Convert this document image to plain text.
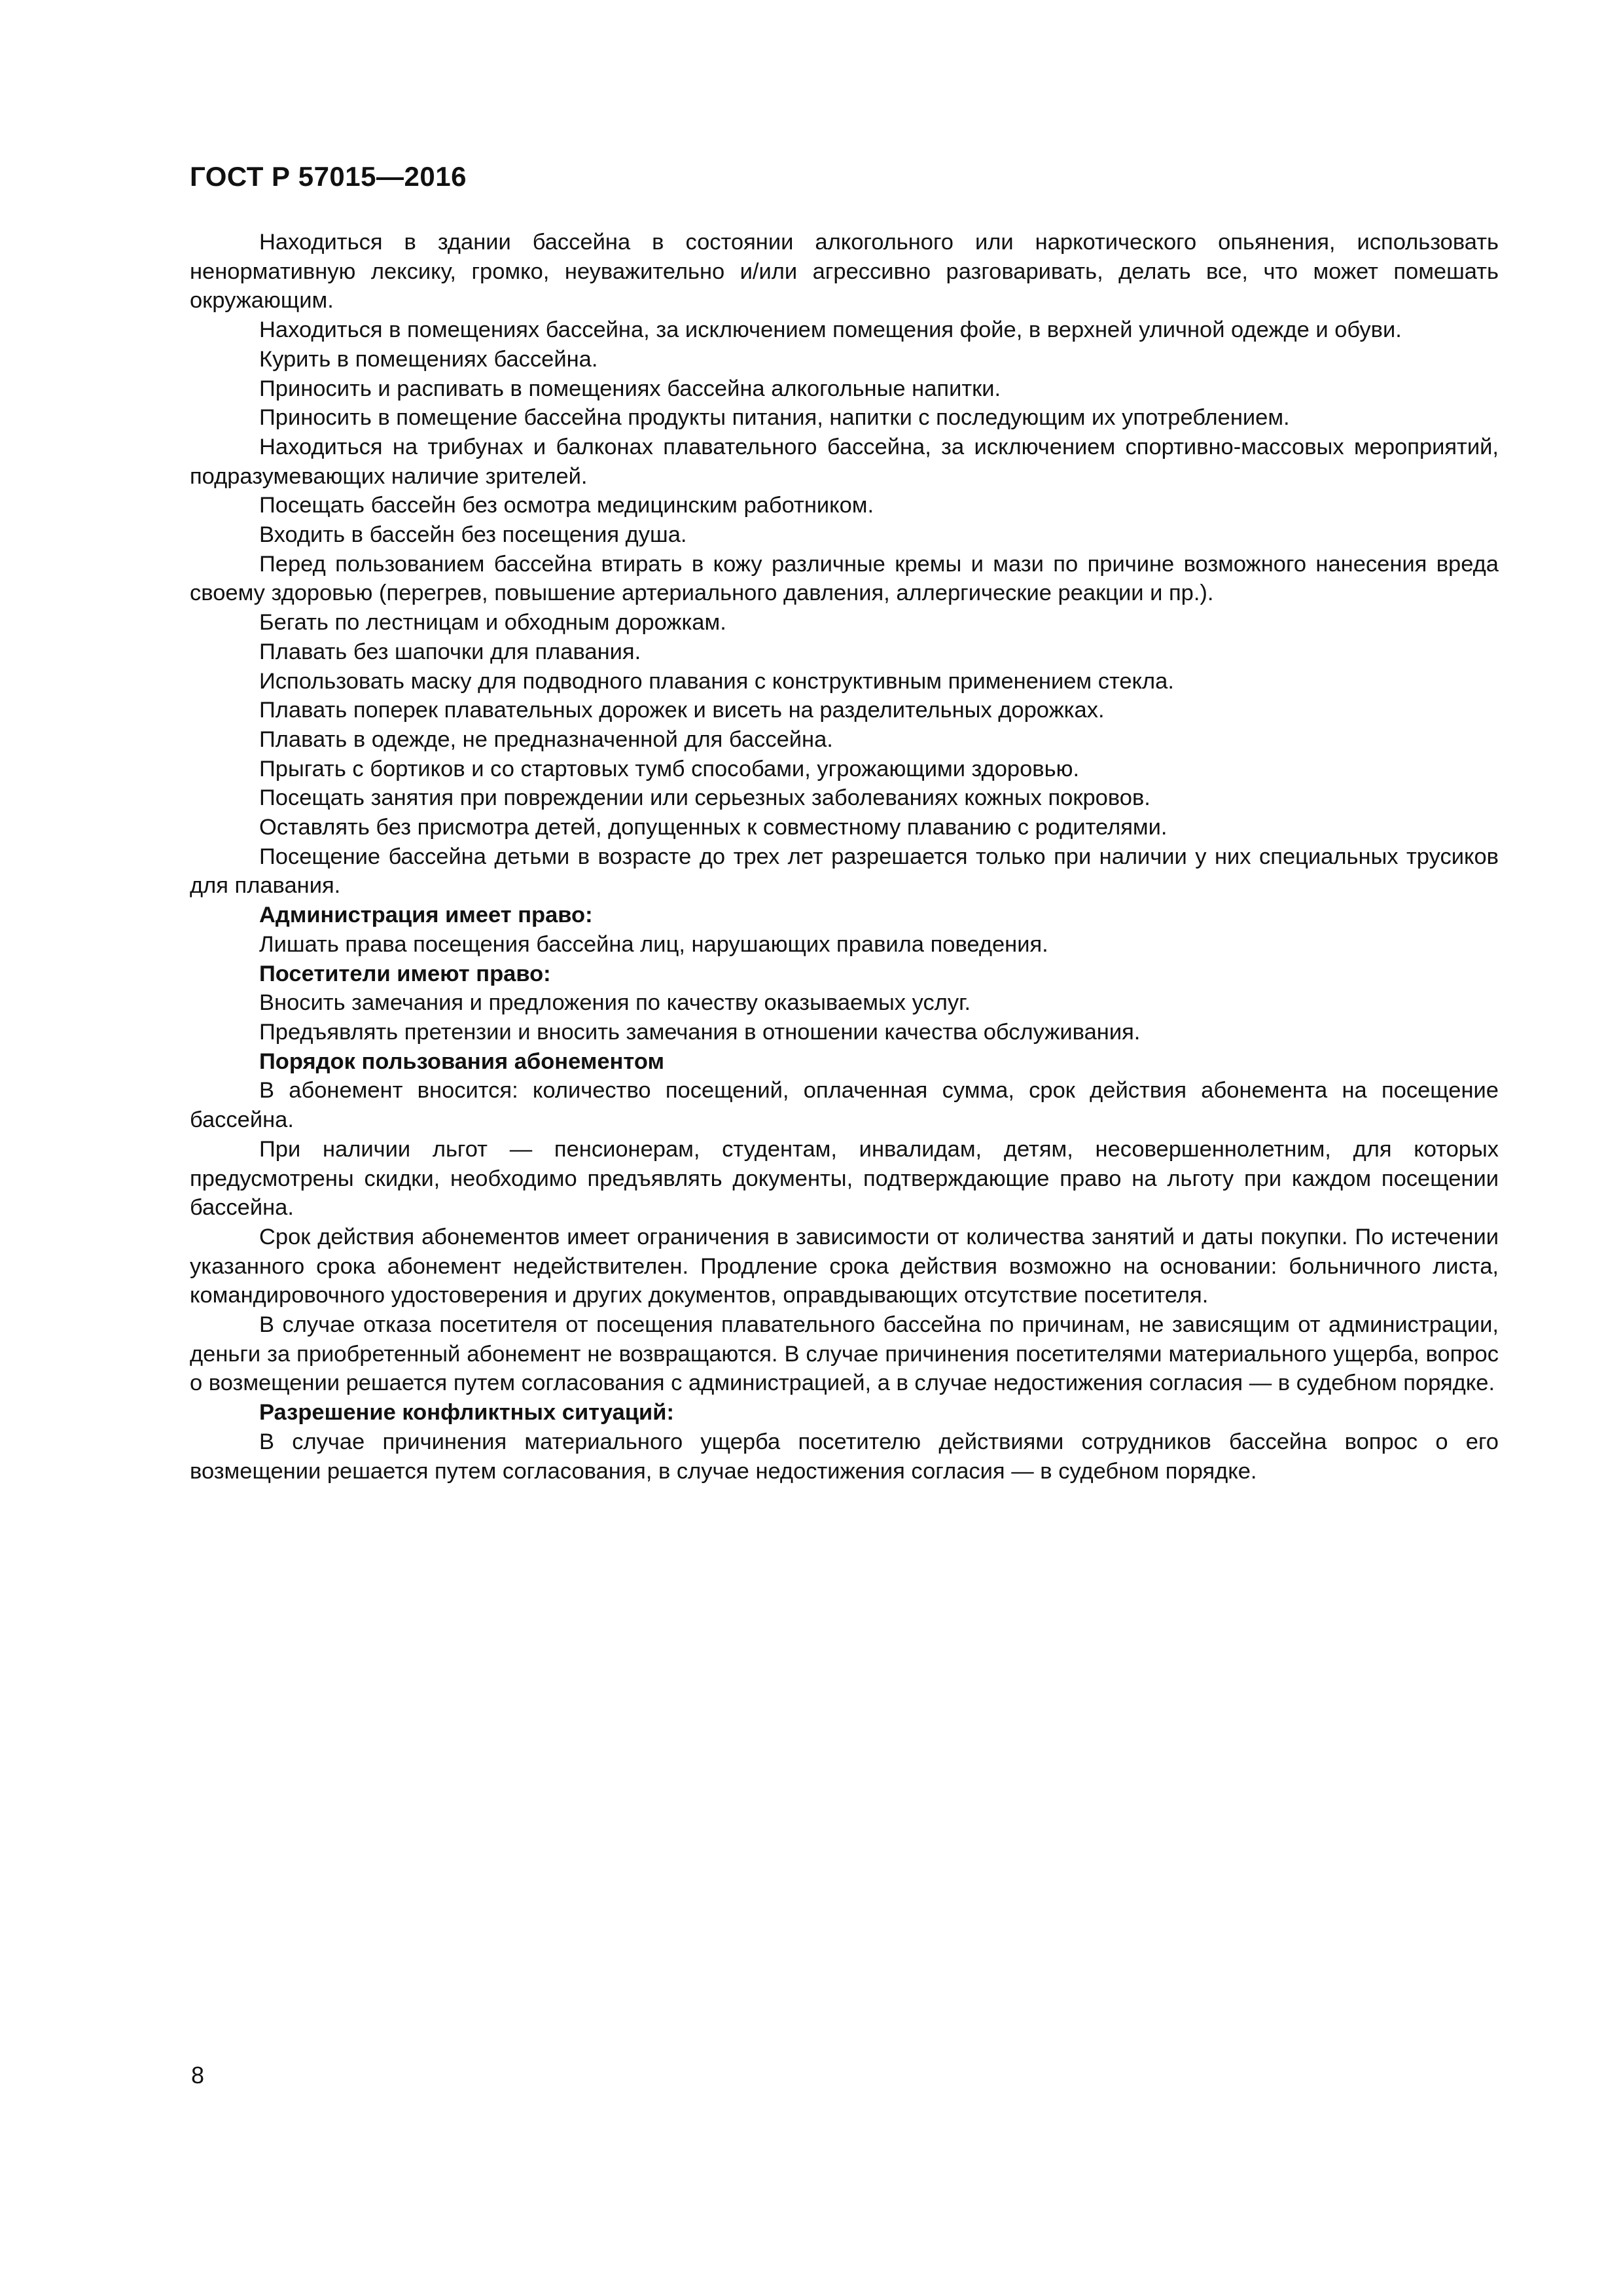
ГОСТ Р 57015—2016

Находиться в здании бассейна в состоянии алкогольного или наркотического опьянения, использовать ненормативную лексику, громко, неуважительно и/или агрессивно разговаривать, делать все, что может помешать окружающим.

Находиться в помещениях бассейна, за исключением помещения фойе, в верхней уличной одежде и обуви.

Курить в помещениях бассейна.

Приносить и распивать в помещениях бассейна алкогольные напитки.

Приносить в помещение бассейна продукты питания, напитки с последующим их употреблением.

Находиться на трибунах и балконах плавательного бассейна, за исключением спортивно-массовых мероприятий, подразумевающих наличие зрителей.

Посещать бассейн без осмотра медицинским работником.

Входить в бассейн без посещения душа.

Перед пользованием бассейна втирать в кожу различные кремы и мази по причине возможного нанесения вреда своему здоровью (перегрев, повышение артериального давления, аллергические реакции и пр.).

Бегать по лестницам и обходным дорожкам.

Плавать без шапочки для плавания.

Использовать маску для подводного плавания с конструктивным применением стекла.

Плавать поперек плавательных дорожек и висеть на разделительных дорожках.

Плавать в одежде, не предназначенной для бассейна.

Прыгать с бортиков и со стартовых тумб способами, угрожающими здоровью.

Посещать занятия при повреждении или серьезных заболеваниях кожных покровов.

Оставлять без присмотра детей, допущенных к совместному плаванию с родителями.

Посещение бассейна детьми в возрасте до трех лет разрешается только при наличии у них специальных трусиков для плавания.

Администрация имеет право:

Лишать права посещения бассейна лиц, нарушающих правила поведения.

Посетители имеют право:

Вносить замечания и предложения по качеству оказываемых услуг.

Предъявлять претензии и вносить замечания в отношении качества обслуживания.

Порядок пользования абонементом

В абонемент вносится: количество посещений, оплаченная сумма, срок действия абонемента на посещение бассейна.

При наличии льгот — пенсионерам, студентам, инвалидам, детям, несовершеннолетним, для которых предусмотрены скидки, необходимо предъявлять документы, подтверждающие право на льготу при каждом посещении бассейна.

Срок действия абонементов имеет ограничения в зависимости от количества занятий и даты покупки. По истечении указанного срока абонемент недействителен. Продление срока действия возможно на основании: больничного листа, командировочного удостоверения и других документов, оправдывающих отсутствие посетителя.

В случае отказа посетителя от посещения плавательного бассейна по причинам, не зависящим от администрации, деньги за приобретенный абонемент не возвращаются. В случае причинения посетителями материального ущерба, вопрос о возмещении решается путем согласования с администрацией, а в случае недостижения согласия — в судебном порядке.

Разрешение конфликтных ситуаций:

В случае причинения материального ущерба посетителю действиями сотрудников бассейна вопрос о его возмещении решается путем согласования, в случае недостижения согласия — в судебном порядке.

8
